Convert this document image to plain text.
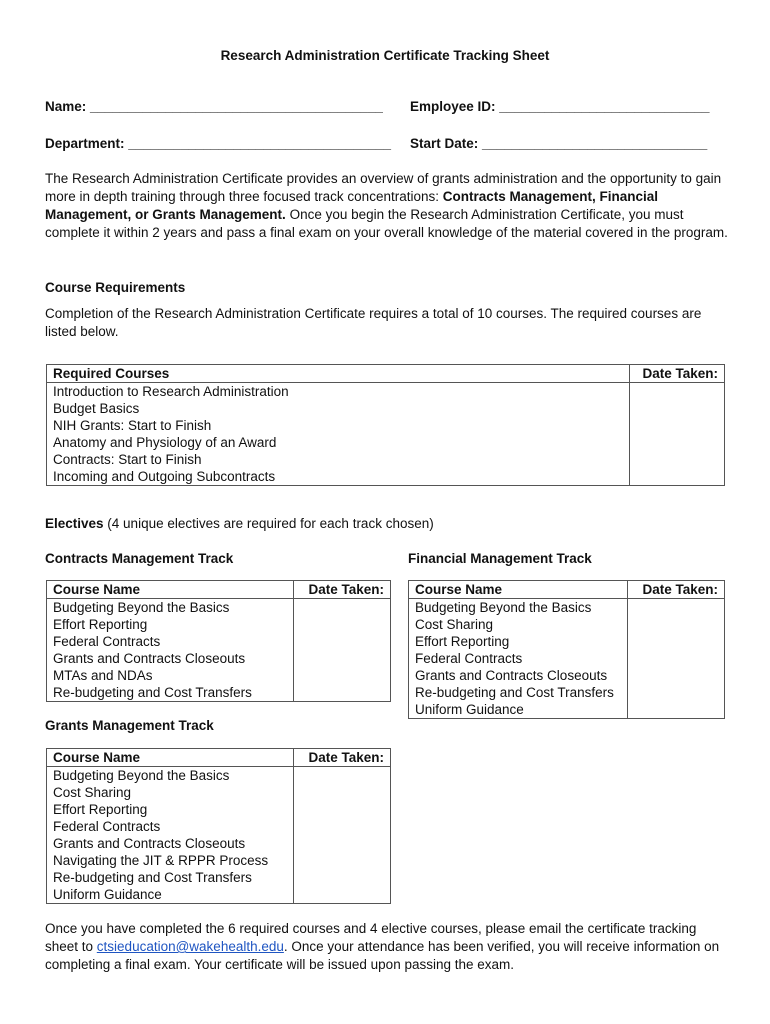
Research Administration Certificate Tracking Sheet
Name: _______________________________________ Employee ID: ____________________________
Department: ___________________________________ Start Date: ______________________________
The Research Administration Certificate provides an overview of grants administration and the opportunity to gain more in depth training through three focused track concentrations: Contracts Management, Financial Management, or Grants Management. Once you begin the Research Administration Certificate, you must complete it within 2 years and pass a final exam on your overall knowledge of the material covered in the program.
Course Requirements
Completion of the Research Administration Certificate requires a total of 10 courses. The required courses are listed below.
Required Courses	Date Taken:
Introduction to Research Administration	
Budget Basics	
NIH Grants: Start to Finish	
Anatomy and Physiology of an Award	
Contracts: Start to Finish	
Incoming and Outgoing Subcontracts	
Electives (4 unique electives are required for each track chosen)
Contracts Management Track	Financial Management Track
Course Name	Date Taken:
Budgeting Beyond the Basics	
Effort Reporting	
Federal Contracts	
Grants and Contracts Closeouts	
MTAs and NDAs	
Re-budgeting and Cost Transfers	
Course Name	Date Taken:
Budgeting Beyond the Basics	
Cost Sharing	
Effort Reporting	
Federal Contracts	
Grants and Contracts Closeouts	
Re-budgeting and Cost Transfers	
Uniform Guidance	
Grants Management Track
Course Name	Date Taken:
Budgeting Beyond the Basics	
Cost Sharing	
Effort Reporting	
Federal Contracts	
Grants and Contracts Closeouts	
Navigating the JIT & RPPR Process	
Re-budgeting and Cost Transfers	
Uniform Guidance	
Once you have completed the 6 required courses and 4 elective courses, please email the certificate tracking sheet to ctsieducation@wakehealth.edu. Once your attendance has been verified, you will receive information on completing a final exam. Your certificate will be issued upon passing the exam.
